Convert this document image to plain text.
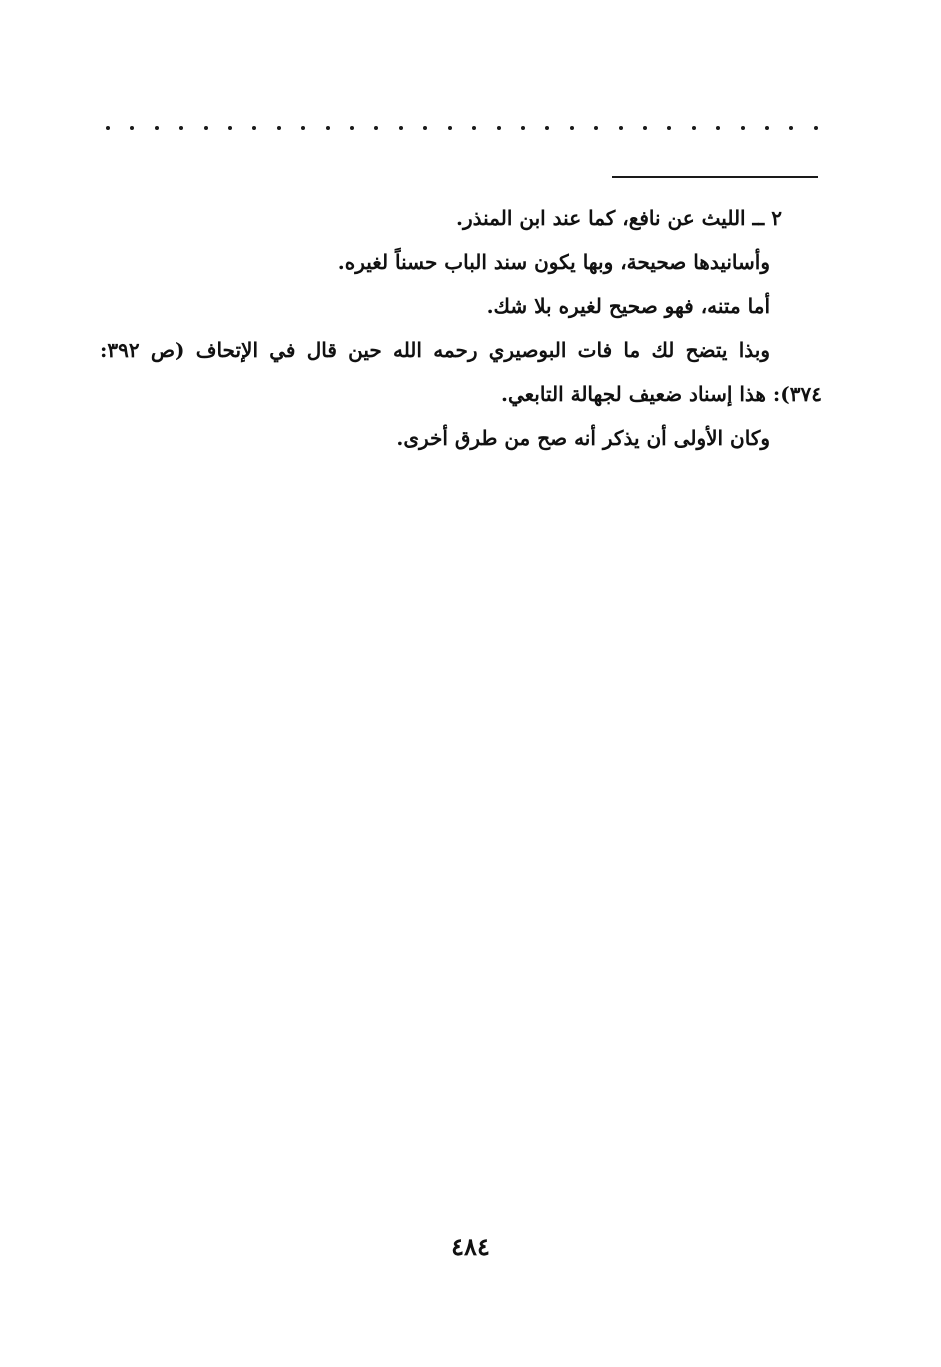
٢ ــ الليث عن نافع، كما عند ابن المنذر.
وأسانيدها صحيحة، وبها يكون سند الباب حسناً لغيره.
أما متنه، فهو صحيح لغيره بلا شك.
وبذا يتضح لك ما فات البوصيري رحمه الله حين قال في الإتحاف (ص ٣٩٢:
٣٧٤): هذا إسناد ضعيف لجهالة التابعي.
وكان الأولى أن يذكر أنه صح من طرق أخرى.
٤٨٤
